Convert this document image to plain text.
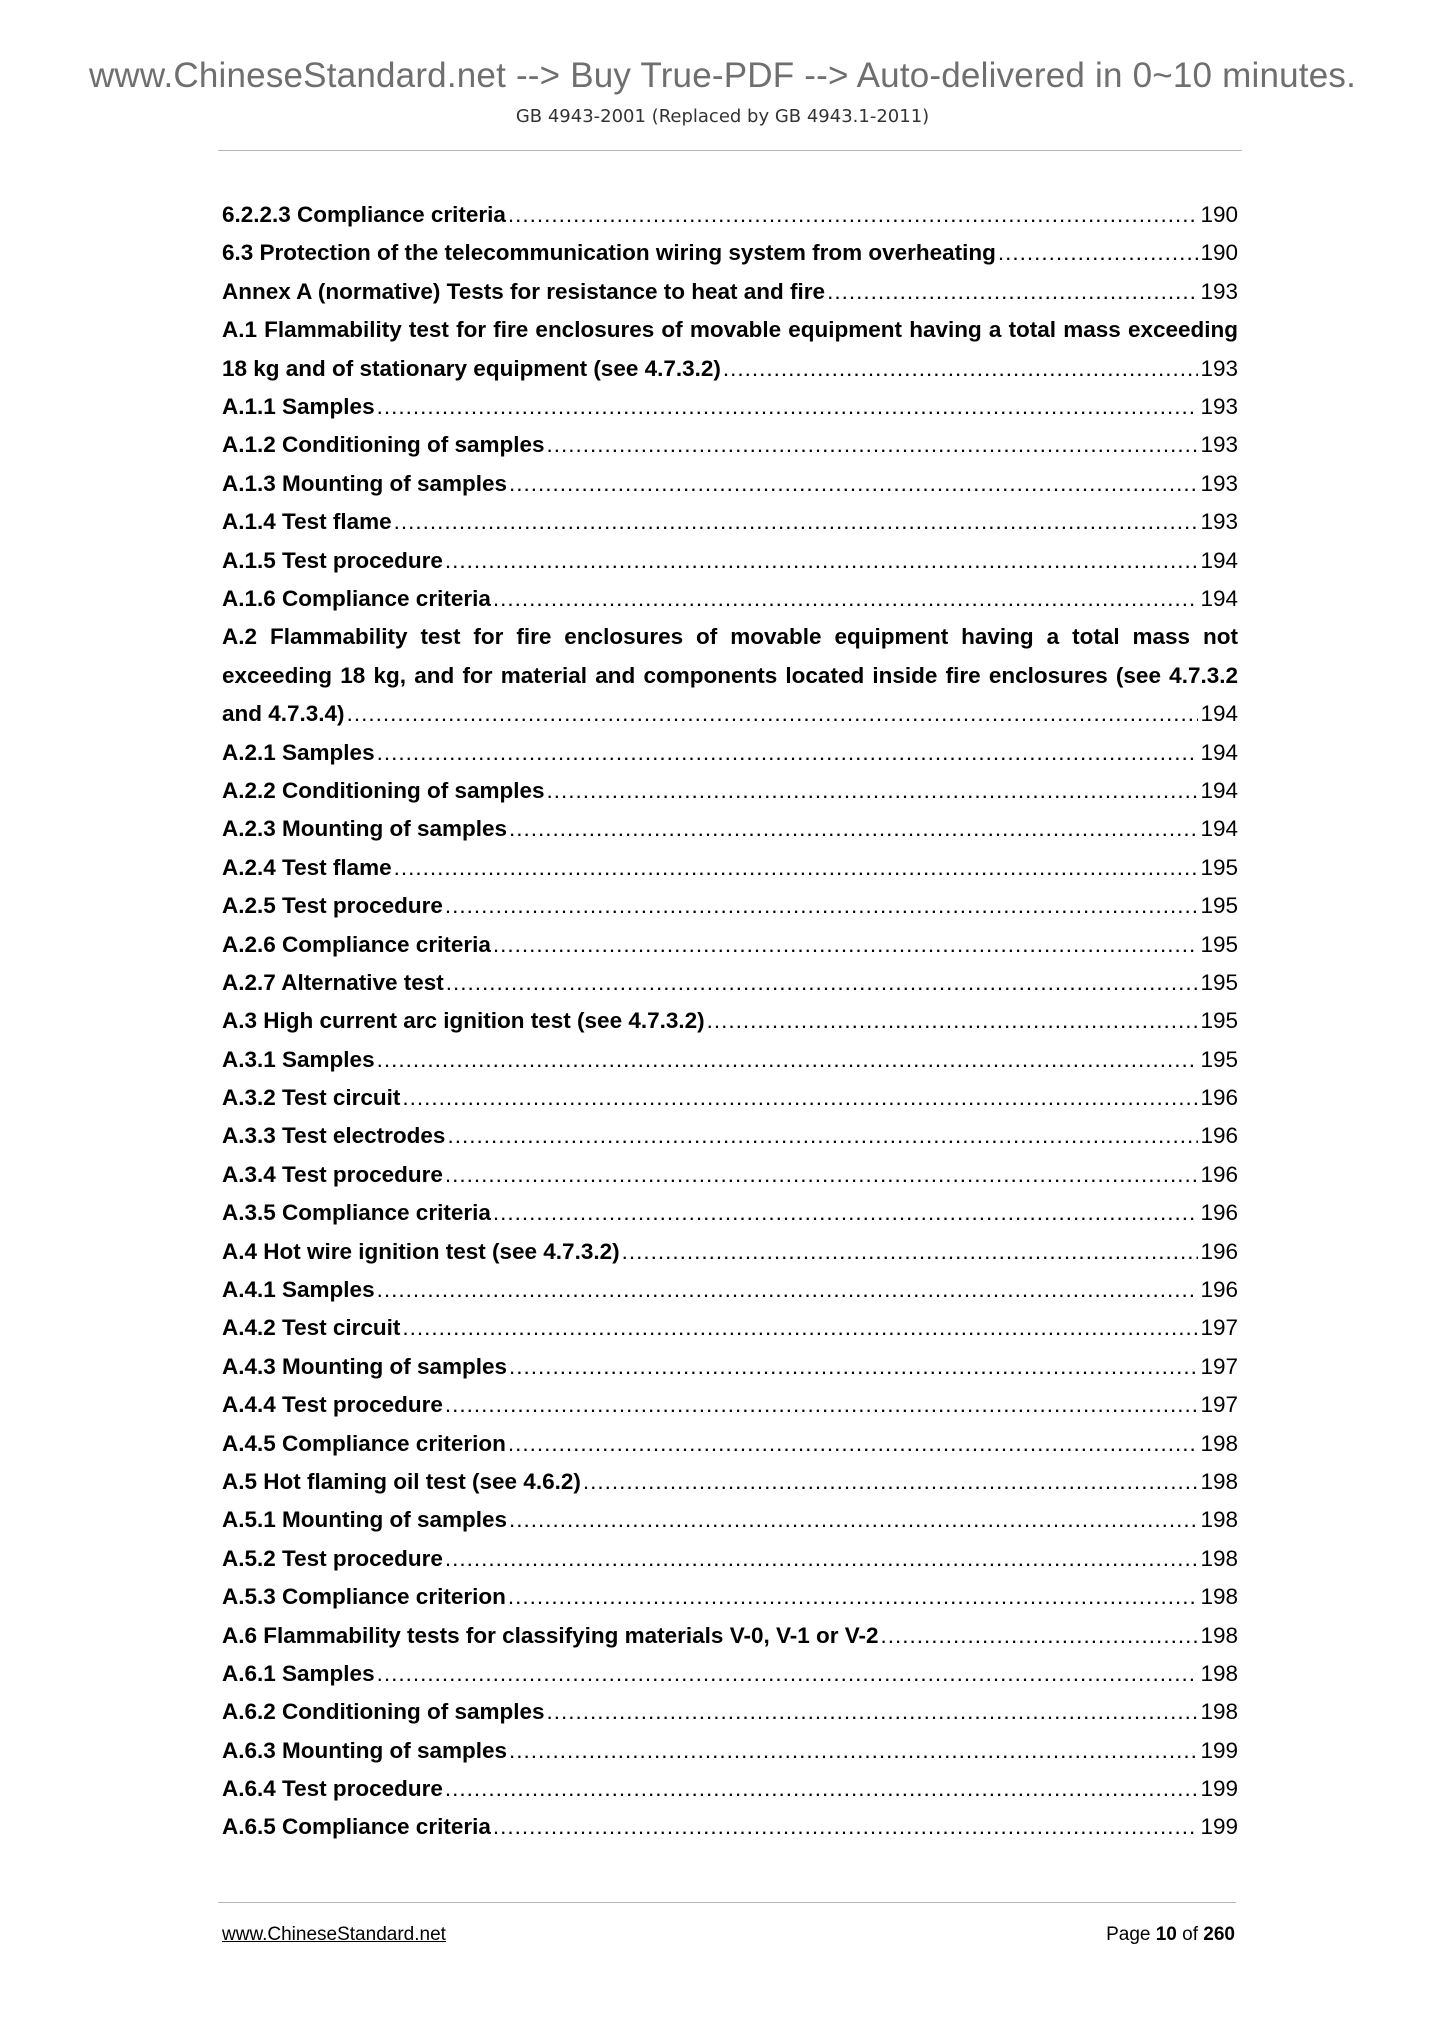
www.ChineseStandard.net --> Buy True-PDF --> Auto-delivered in 0~10 minutes.
GB 4943-2001 (Replaced by GB 4943.1-2011)
6.2.2.3 Compliance criteria .....	190
6.3 Protection of the telecommunication wiring system from overheating .....	190
Annex A (normative) Tests for resistance to heat and fire .....	193
A.1 Flammability test for fire enclosures of movable equipment having a total mass exceeding
18 kg and of stationary equipment (see 4.7.3.2) .....	193
A.1.1 Samples .....	193
A.1.2 Conditioning of samples .....	193
A.1.3 Mounting of samples .....	193
A.1.4 Test flame .....	193
A.1.5 Test procedure .....	194
A.1.6 Compliance criteria .....	194
A.2 Flammability test for fire enclosures of movable equipment having a total mass not
exceeding 18 kg, and for material and components located inside fire enclosures (see 4.7.3.2
and 4.7.3.4) .....	194
A.2.1 Samples .....	194
A.2.2 Conditioning of samples .....	194
A.2.3 Mounting of samples .....	194
A.2.4 Test flame .....	195
A.2.5 Test procedure .....	195
A.2.6 Compliance criteria .....	195
A.2.7 Alternative test .....	195
A.3 High current arc ignition test (see 4.7.3.2) .....	195
A.3.1 Samples .....	195
A.3.2 Test circuit .....	196
A.3.3 Test electrodes .....	196
A.3.4 Test procedure .....	196
A.3.5 Compliance criteria .....	196
A.4 Hot wire ignition test (see 4.7.3.2) .....	196
A.4.1 Samples .....	196
A.4.2 Test circuit .....	197
A.4.3 Mounting of samples .....	197
A.4.4 Test procedure .....	197
A.4.5 Compliance criterion .....	198
A.5 Hot flaming oil test (see 4.6.2) .....	198
A.5.1 Mounting of samples .....	198
A.5.2 Test procedure .....	198
A.5.3 Compliance criterion .....	198
A.6 Flammability tests for classifying materials V-0, V-1 or V-2 .....	198
A.6.1 Samples .....	198
A.6.2 Conditioning of samples .....	198
A.6.3 Mounting of samples .....	199
A.6.4 Test procedure .....	199
A.6.5 Compliance criteria .....	199
www.ChineseStandard.net	Page 10 of 260
